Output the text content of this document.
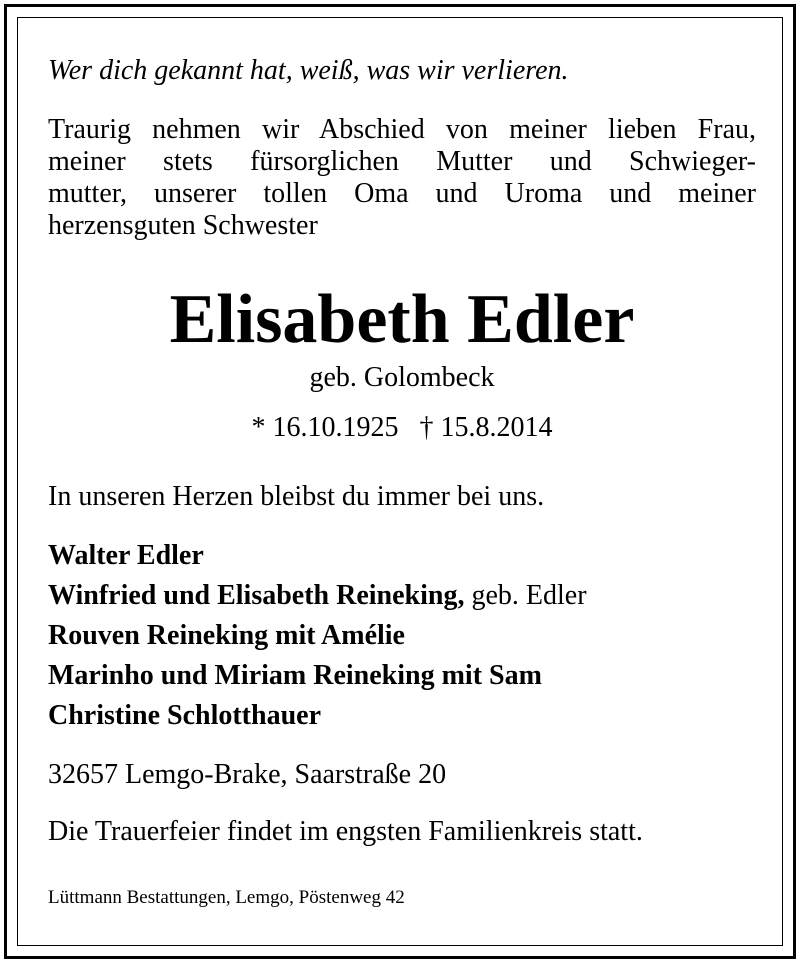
Wer dich gekannt hat, weiß, was wir verlieren.
Traurig nehmen wir Abschied von meiner lieben Frau,
meiner stets fürsorglichen Mutter und Schwieger-
mutter, unserer tollen Oma und Uroma und meiner
herzensguten Schwester
Elisabeth Edler
geb. Golombeck
* 16.10.1925 † 15.8.2014
In unseren Herzen bleibst du immer bei uns.
Walter Edler
Winfried und Elisabeth Reineking, geb. Edler
Rouven Reineking mit Amélie
Marinho und Miriam Reineking mit Sam
Christine Schlotthauer
32657 Lemgo-Brake, Saarstraße 20
Die Trauerfeier findet im engsten Familienkreis statt.
Lüttmann Bestattungen, Lemgo, Pöstenweg 42
